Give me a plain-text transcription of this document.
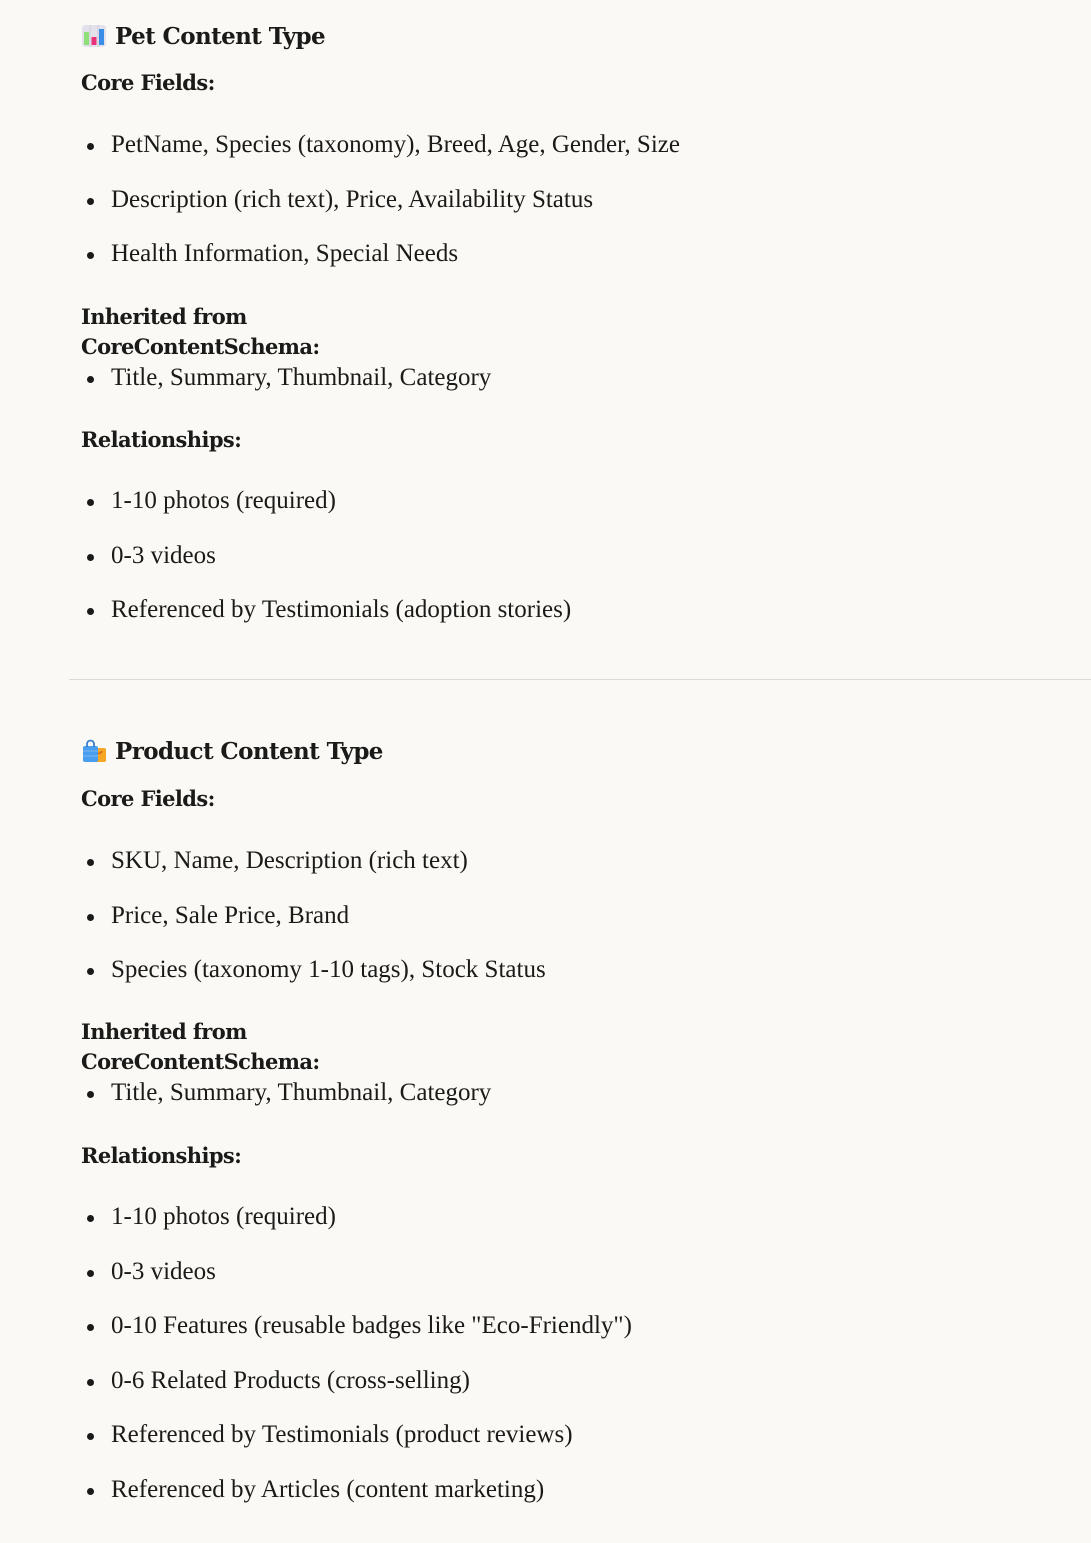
Pet Content Type
Core Fields:
PetName, Species (taxonomy), Breed, Age, Gender, Size
Description (rich text), Price, Availability Status
Health Information, Special Needs
Inherited from CoreContentSchema:
Title, Summary, Thumbnail, Category
Relationships:
1-10 photos (required)
0-3 videos
Referenced by Testimonials (adoption stories)
Product Content Type
Core Fields:
SKU, Name, Description (rich text)
Price, Sale Price, Brand
Species (taxonomy 1-10 tags), Stock Status
Inherited from CoreContentSchema:
Title, Summary, Thumbnail, Category
Relationships:
1-10 photos (required)
0-3 videos
0-10 Features (reusable badges like "Eco-Friendly")
0-6 Related Products (cross-selling)
Referenced by Testimonials (product reviews)
Referenced by Articles (content marketing)
